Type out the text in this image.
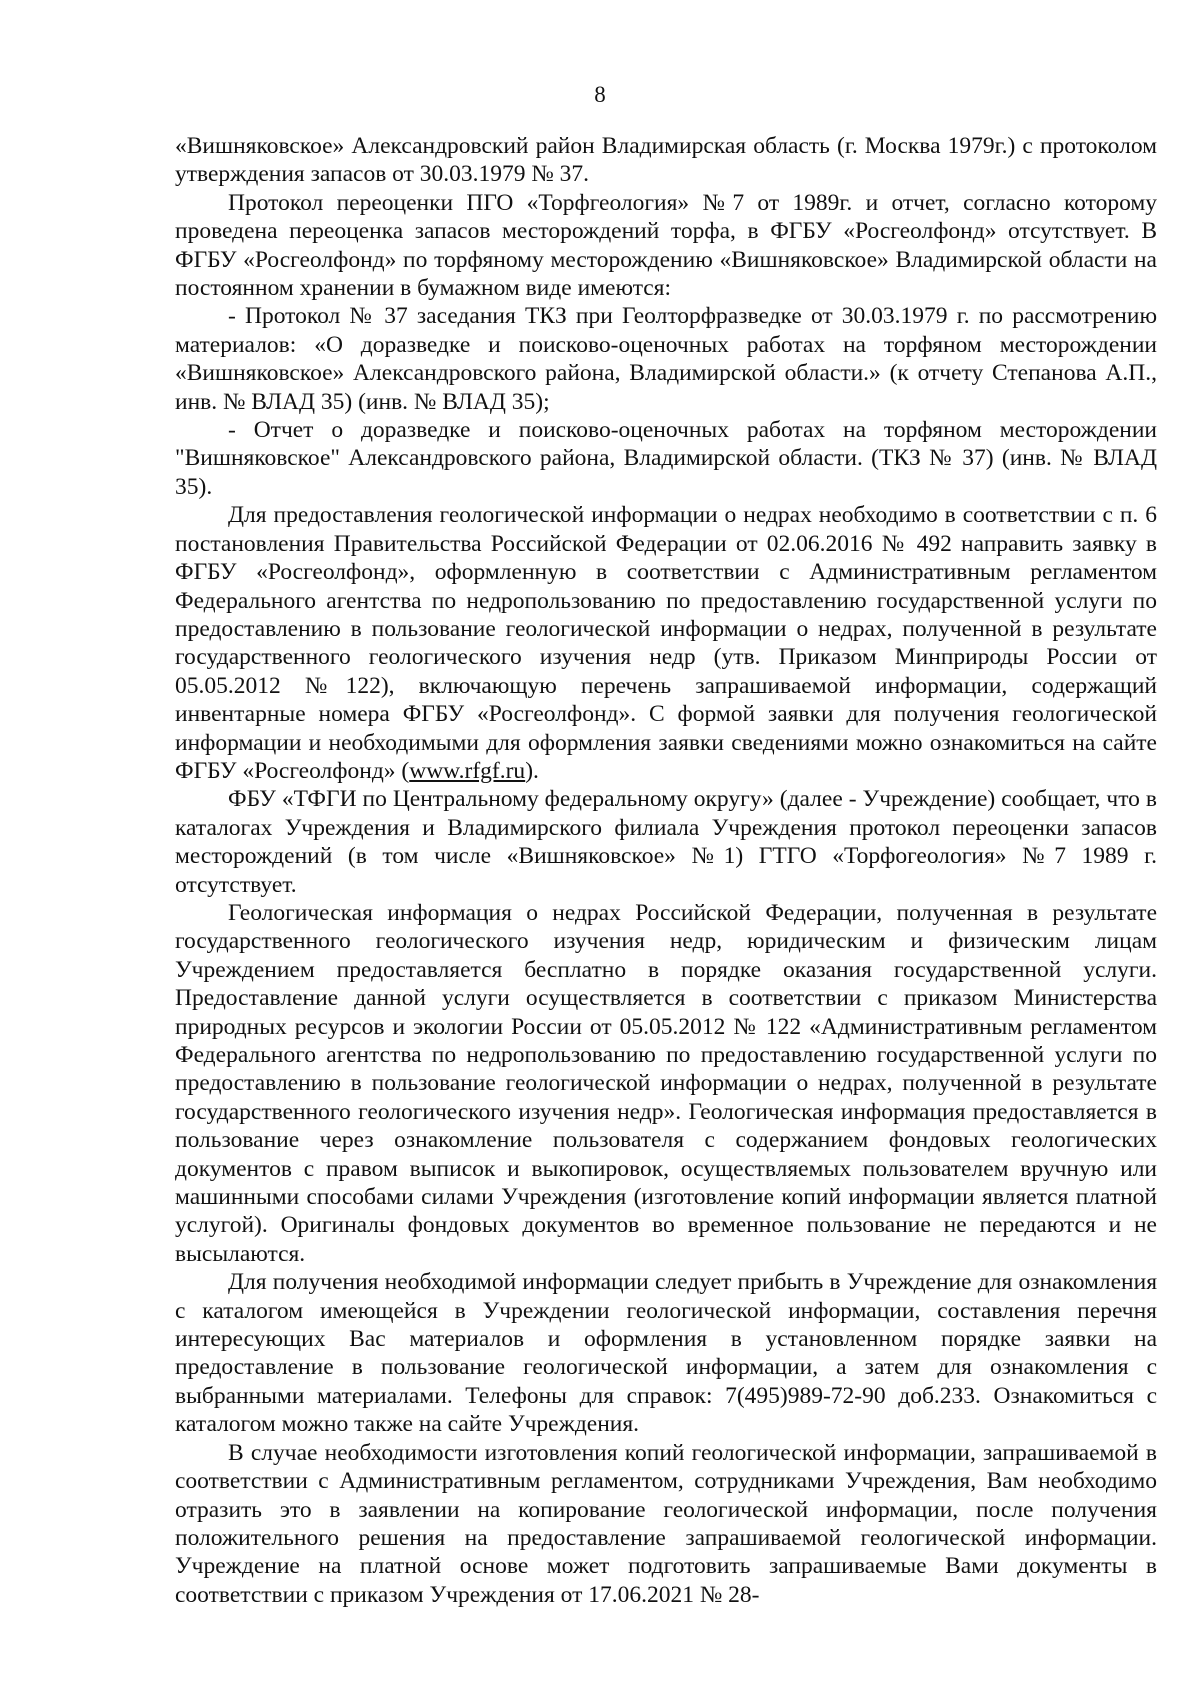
8

«Вишняковское» Александровский район Владимирская область (г. Москва 1979г.) с протоколом утверждения запасов от 30.03.1979 № 37.

Протокол переоценки ПГО «Торфгеология» №7 от 1989г. и отчет, согласно которому проведена переоценка запасов месторождений торфа, в ФГБУ «Росгеолфонд» отсутствует. В ФГБУ «Росгеолфонд» по торфяному месторождению «Вишняковское» Владимирской области на постоянном хранении в бумажном виде имеются:

- Протокол № 37 заседания ТКЗ при Геолторфразведке от 30.03.1979 г. по рассмотрению материалов: «О доразведке и поисково-оценочных работах на торфяном месторождении «Вишняковское» Александровского района, Владимирской области.» (к отчету Степанова А.П., инв. № ВЛАД 35) (инв. № ВЛАД 35);

- Отчет о доразведке и поисково-оценочных работах на торфяном месторождении "Вишняковское" Александровского района, Владимирской области. (ТКЗ № 37) (инв. № ВЛАД 35).

Для предоставления геологической информации о недрах необходимо в соответствии с п. 6 постановления Правительства Российской Федерации от 02.06.2016 № 492 направить заявку в ФГБУ «Росгеолфонд», оформленную в соответствии с Административным регламентом Федерального агентства по недропользованию по предоставлению государственной услуги по предоставлению в пользование геологической информации о недрах, полученной в результате государственного геологического изучения недр (утв. Приказом Минприроды России от 05.05.2012 №122), включающую перечень запрашиваемой информации, содержащий инвентарные номера ФГБУ «Росгеолфонд». С формой заявки для получения геологической информации и необходимыми для оформления заявки сведениями можно ознакомиться на сайте ФГБУ «Росгеолфонд» (www.rfgf.ru).

ФБУ «ТФГИ по Центральному федеральному округу» (далее - Учреждение) сообщает, что в каталогах Учреждения и Владимирского филиала Учреждения протокол переоценки запасов месторождений (в том числе «Вишняковское» №1) ГТГО «Торфогеология» №7 1989 г. отсутствует.

Геологическая информация о недрах Российской Федерации, полученная в результате государственного геологического изучения недр, юридическим и физическим лицам Учреждением предоставляется бесплатно в порядке оказания государственной услуги. Предоставление данной услуги осуществляется в соответствии с приказом Министерства природных ресурсов и экологии России от 05.05.2012 № 122 «Административным регламентом Федерального агентства по недропользованию по предоставлению государственной услуги по предоставлению в пользование геологической информации о недрах, полученной в результате государственного геологического изучения недр». Геологическая информация предоставляется в пользование через ознакомление пользователя с содержанием фондовых геологических документов с правом выписок и выкопировок, осуществляемых пользователем вручную или машинными способами силами Учреждения (изготовление копий информации является платной услугой). Оригиналы фондовых документов во временное пользование не передаются и не высылаются.

Для получения необходимой информации следует прибыть в Учреждение для ознакомления с каталогом имеющейся в Учреждении геологической информации, составления перечня интересующих Вас материалов и оформления в установленном порядке заявки на предоставление в пользование геологической информации, а затем для ознакомления с выбранными материалами. Телефоны для справок: 7(495)989-72-90 доб.233. Ознакомиться с каталогом можно также на сайте Учреждения.

В случае необходимости изготовления копий геологической информации, запрашиваемой в соответствии с Административным регламентом, сотрудниками Учреждения, Вам необходимо отразить это в заявлении на копирование геологической информации, после получения положительного решения на предоставление запрашиваемой геологической информации. Учреждение на платной основе может подготовить запрашиваемые Вами документы в соответствии с приказом Учреждения от 17.06.2021 № 28-
